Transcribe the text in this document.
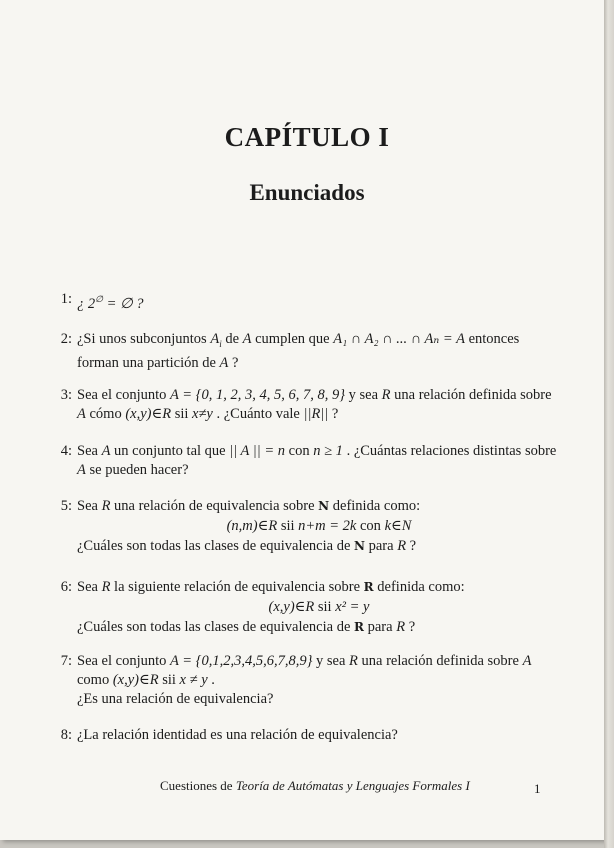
CAPÍTULO I
Enunciados
1: ¿ 2∅ = ∅ ?
2: ¿Si unos subconjuntos $A_i$ de A cumplen que A₁ ∩ A₂ ∩ ... ∩ Aₙ = A entonces
forman una partición de A ?
3: Sea el conjunto A = {0, 1, 2, 3, 4, 5, 6, 7, 8, 9} y sea R una relación definida sobre
A cómo (x,y)∈R sii x≠y . ¿Cuánto vale ||R|| ?
4: Sea A un conjunto tal que || A || = n con n ≥ 1 . ¿Cuántas relaciones distintas sobre
A se pueden hacer?
5: Sea R una relación de equivalencia sobre N definida como:
(n,m)∈R sii n+m = 2k con k∈N
¿Cuáles son todas las clases de equivalencia de N para R ?
6: Sea R la siguiente relación de equivalencia sobre R definida como:
(x,y)∈R sii x² = y
¿Cuáles son todas las clases de equivalencia de R para R ?
7: Sea el conjunto A = {0,1,2,3,4,5,6,7,8,9} y sea R una relación definida sobre A
como (x,y)∈R sii x ≠ y .
¿Es una relación de equivalencia?
8: ¿La relación identidad es una relación de equivalencia?
Cuestiones de Teoría de Autómatas y Lenguajes Formales I	1
